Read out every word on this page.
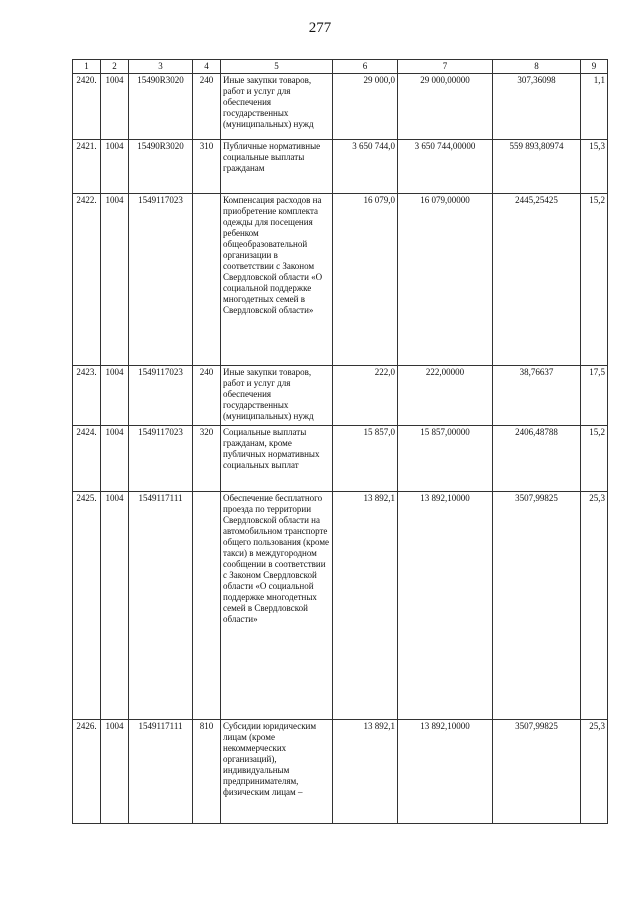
277
1	2	3	4	5	6	7	8	9
2420.	1004	15490R3020	240	Иные закупки товаров, работ и услуг для обеспечения государственных (муниципальных) нужд	29 000,0	29 000,00000	307,36098	1,1
2421.	1004	15490R3020	310	Публичные нормативные социальные выплаты гражданам	3 650 744,0	3 650 744,00000	559 893,80974	15,3
2422.	1004	1549117023		Компенсация расходов на приобретение комплекта одежды для посещения ребенком общеобразовательной организации в соответствии с Законом Свердловской области «О социальной поддержке многодетных семей в Свердловской области»	16 079,0	16 079,00000	2445,25425	15,2
2423.	1004	1549117023	240	Иные закупки товаров, работ и услуг для обеспечения государственных (муниципальных) нужд	222,0	222,00000	38,76637	17,5
2424.	1004	1549117023	320	Социальные выплаты гражданам, кроме публичных нормативных социальных выплат	15 857,0	15 857,00000	2406,48788	15,2
2425.	1004	1549117111		Обеспечение бесплатного проезда по территории Свердловской области на автомобильном транспорте общего пользования (кроме такси) в междугородном сообщении в соответствии с Законом Свердловской области «О социальной поддержке многодетных семей в Свердловской области»	13 892,1	13 892,10000	3507,99825	25,3
2426.	1004	1549117111	810	Субсидии юридическим лицам (кроме некоммерческих организаций), индивидуальным предпринимателям, физическим лицам –	13 892,1	13 892,10000	3507,99825	25,3
